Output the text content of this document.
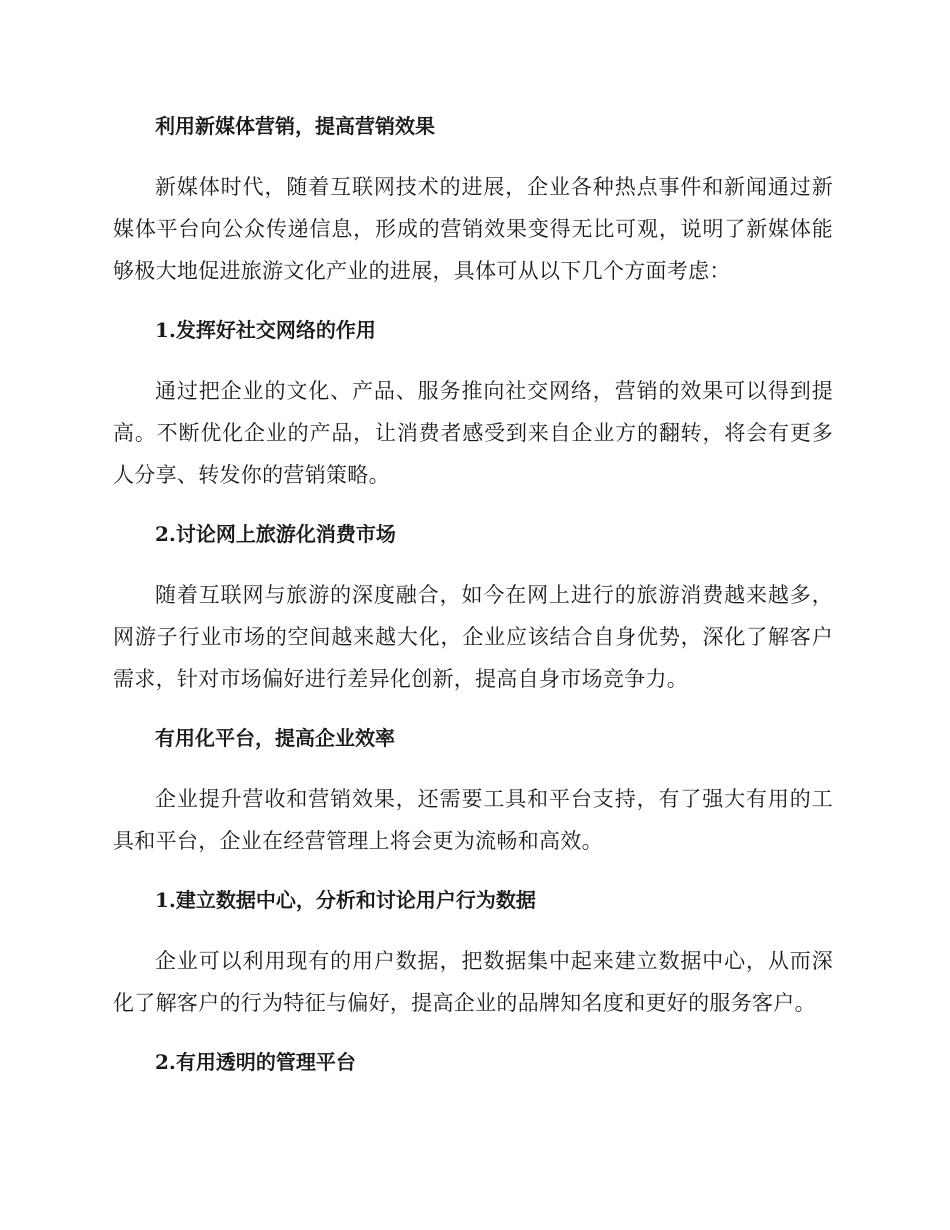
利用新媒体营销，提高营销效果

新媒体时代，随着互联网技术的进展，企业各种热点事件和新闻通过新媒体平台向公众传递信息，形成的营销效果变得无比可观，说明了新媒体能够极大地促进旅游文化产业的进展，具体可从以下几个方面考虑：

1.发挥好社交网络的作用

通过把企业的文化、产品、服务推向社交网络，营销的效果可以得到提高。不断优化企业的产品，让消费者感受到来自企业方的翻转，将会有更多人分享、转发你的营销策略。

2.讨论网上旅游化消费市场

随着互联网与旅游的深度融合，如今在网上进行的旅游消费越来越多，网游子行业市场的空间越来越大化，企业应该结合自身优势，深化了解客户需求，针对市场偏好进行差异化创新，提高自身市场竞争力。

有用化平台，提高企业效率

企业提升营收和营销效果，还需要工具和平台支持，有了强大有用的工具和平台，企业在经营管理上将会更为流畅和高效。

1.建立数据中心，分析和讨论用户行为数据

企业可以利用现有的用户数据，把数据集中起来建立数据中心，从而深化了解客户的行为特征与偏好，提高企业的品牌知名度和更好的服务客户。

2.有用透明的管理平台
